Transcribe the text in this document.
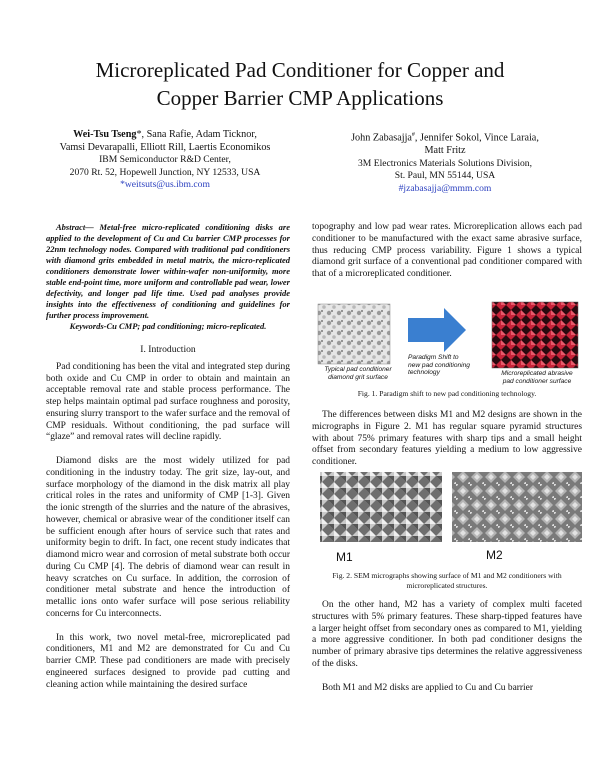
Microreplicated Pad Conditioner for Copper and
Copper Barrier CMP Applications
Wei-Tsu Tseng*, Sana Rafie, Adam Ticknor,
Vamsi Devarapalli, Elliott Rill, Laertis Economikos
IBM Semiconductor R&D Center,
2070 Rt. 52, Hopewell Junction, NY 12533, USA
*weitsuts@us.ibm.com
John Zabasajja#, Jennifer Sokol, Vince Laraia,
Matt Fritz
3M Electronics Materials Solutions Division,
St. Paul, MN 55144, USA
#jzabasajja@mmm.com

Abstract— Metal-free micro-replicated conditioning disks are applied to the development of Cu and Cu barrier CMP processes for 22nm technology nodes. Compared with traditional pad conditioners with diamond grits embedded in metal matrix, the micro-replicated conditioners demonstrate lower within-wafer non-uniformity, more stable end-point time, more uniform and controllable pad wear, lower defectivity, and longer pad life time. Used pad analyses provide insights into the effectiveness of conditioning and guidelines for further process improvement.

Keywords-Cu CMP; pad conditioning; micro-replicated.

I. Introduction

Pad conditioning has been the vital and integrated step during both oxide and Cu CMP in order to obtain and maintain an acceptable removal rate and stable process performance. The step helps maintain optimal pad surface roughness and porosity, ensuring slurry transport to the wafer surface and the removal of CMP residuals. Without conditioning, the pad surface will “glaze” and removal rates will decline rapidly.

Diamond disks are the most widely utilized for pad conditioning in the industry today. The grit size, lay-out, and surface morphology of the diamond in the disk matrix all play critical roles in the rates and uniformity of CMP [1-3]. Given the ionic strength of the slurries and the nature of the abrasives, however, chemical or abrasive wear of the conditioner itself can be sufficient enough after hours of service such that rates and uniformity begin to drift. In fact, one recent study indicates that diamond micro wear and corrosion of metal substrate both occur during Cu CMP [4]. The debris of diamond wear can result in heavy scratches on Cu surface. In addition, the corrosion of conditioner metal substrate and hence the introduction of metallic ions onto wafer surface will pose serious reliability concerns for Cu interconnects.

In this work, two novel metal-free, microreplicated pad conditioners, M1 and M2 are demonstrated for Cu and Cu barrier CMP. These pad conditioners are made with precisely engineered surfaces designed to provide pad cutting and cleaning action while maintaining the desired surface

topography and low pad wear rates. Microreplication allows each pad conditioner to be manufactured with the exact same abrasive surface, thus reducing CMP process variability. Figure 1 shows a typical diamond grit surface of a conventional pad conditioner compared with that of a microreplicated conditioner.

Typical pad conditioner
diamond grit surface
Paradigm Shift to
new pad conditioning
technology	Microreplicated abrasive
pad conditioner surface
Fig. 1. Paradigm shift to new pad conditioning technology.

The differences between disks M1 and M2 designs are shown in the micrographs in Figure 2. M1 has regular square pyramid structures with about 75% primary features with sharp tips and a small height offset from secondary features yielding a medium to low aggressive conditioner.

M1	M2
Fig. 2. SEM micrographs showing surface of M1 and M2 conditioners with
microreplicated structures.

On the other hand, M2 has a variety of complex multi faceted structures with 5% primary features. These sharp-tipped features have a larger height offset from secondary ones as compared to M1, yielding a more aggressive conditioner. In both pad conditioner designs the number of primary abrasive tips determines the relative aggressiveness of the disks.

Both M1 and M2 disks are applied to Cu and Cu barrier
